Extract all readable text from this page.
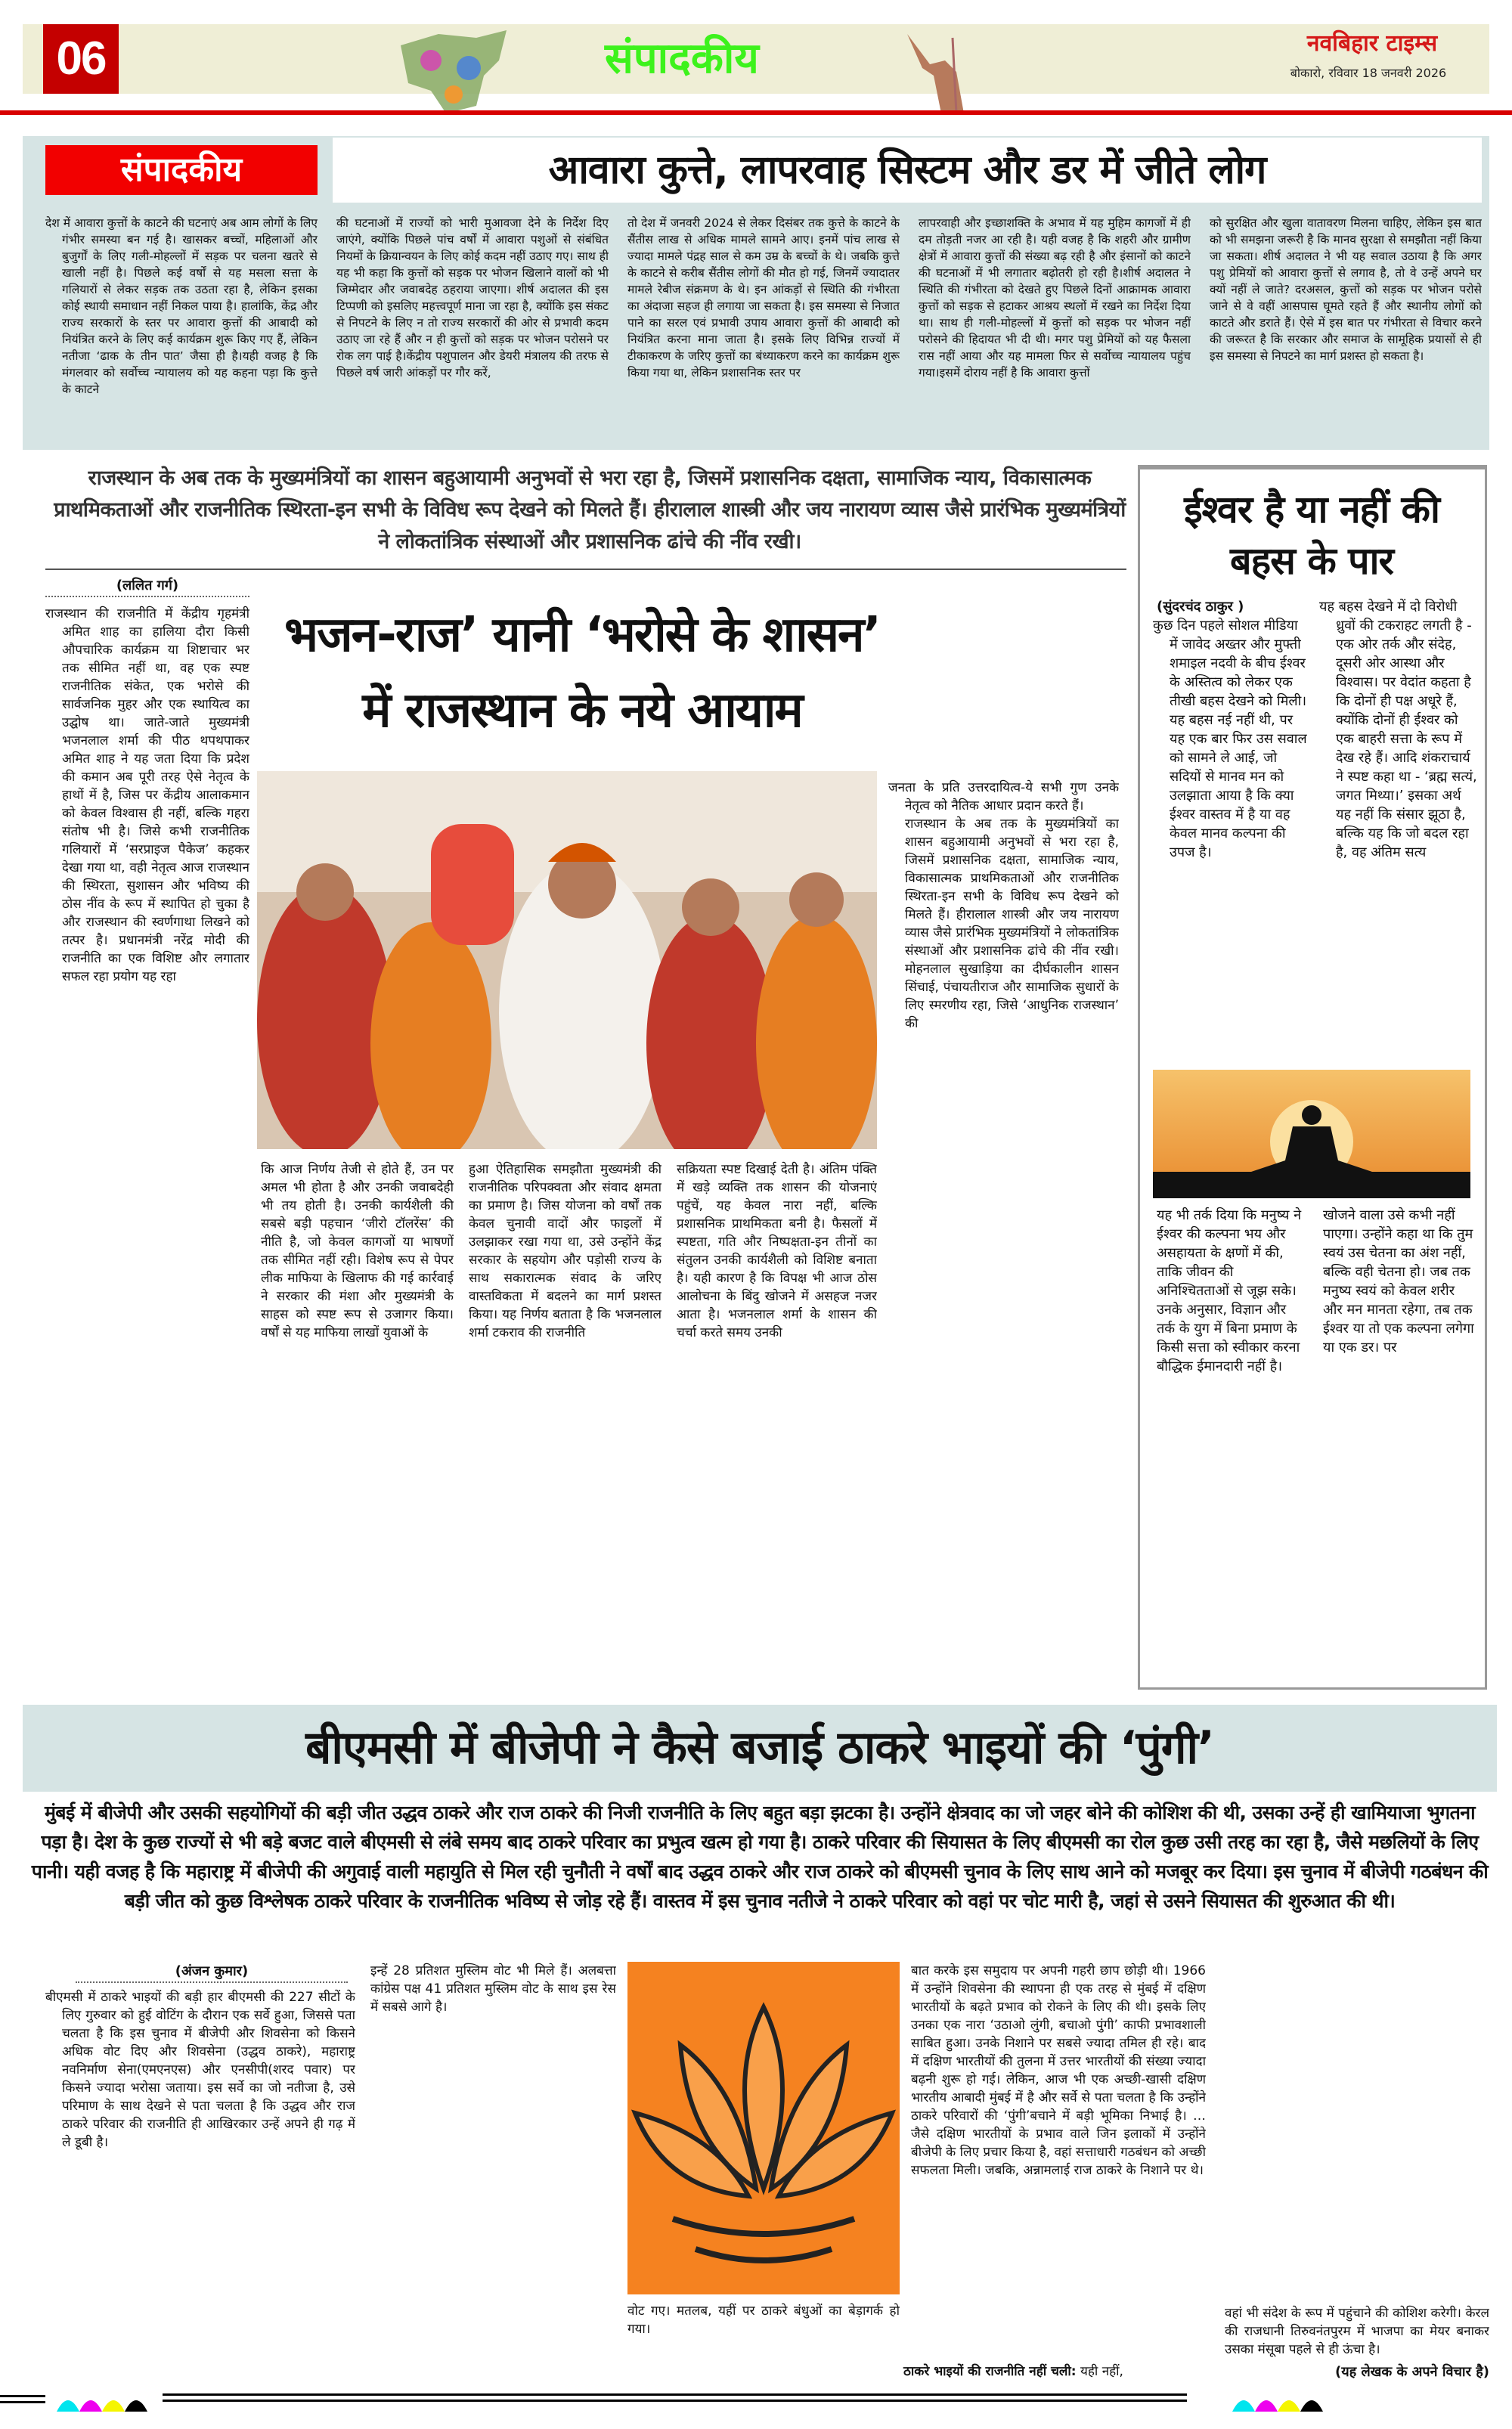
06	संपादकीय	नवबिहार टाइम्स
बोकारो, रविवार 18 जनवरी 2026
संपादकीय	आवारा कुत्ते, लापरवाह सिस्टम और डर में जीते लोग

देश में आवारा कुत्तों के काटने की घटनाएं अब आम लोगों के लिए गंभीर समस्या बन गई है। खासकर बच्चों, महिलाओं और बुजुर्गों के लिए गली-मोहल्लों में सड़क पर चलना खतरे से खाली नहीं है। पिछले कई वर्षों से यह मसला सत्ता के गलियारों से लेकर सड़क तक उठता रहा है, लेकिन इसका कोई स्थायी समाधान नहीं निकल पाया है। हालांकि, केंद्र और राज्य सरकारों के स्तर पर आवारा कुत्तों की आबादी को नियंत्रित करने के लिए कई कार्यक्रम शुरू किए गए हैं, लेकिन नतीजा ‘ढाक के तीन पात’ जैसा ही है।यही वजह है कि मंगलवार को सर्वोच्च न्यायालय को यह कहना पड़ा कि कुत्ते के काटने

की घटनाओं में राज्यों को भारी मुआवजा देने के निर्देश दिए जाएंगे, क्योंकि पिछले पांच वर्षों में आवारा पशुओं से संबंधित नियमों के क्रियान्वयन के लिए कोई कदम नहीं उठाए गए। साथ ही यह भी कहा कि कुत्तों को सड़क पर भोजन खिलाने वालों को भी जिम्मेदार और जवाबदेह ठहराया जाएगा। शीर्ष अदालत की इस टिप्पणी को इसलिए महत्त्वपूर्ण माना जा रहा है, क्योंकि इस संकट से निपटने के लिए न तो राज्य सरकारों की ओर से प्रभावी कदम उठाए जा रहे हैं और न ही कुत्तों को सड़क पर भोजन परोसने पर रोक लग पाई है।केंद्रीय पशुपालन और डेयरी मंत्रालय की तरफ से पिछले वर्ष जारी आंकड़ों पर गौर करें,

तो देश में जनवरी 2024 से लेकर दिसंबर तक कुत्ते के काटने के सैंतीस लाख से अधिक मामले सामने आए। इनमें पांच लाख से ज्यादा मामले पंद्रह साल से कम उम्र के बच्चों के थे। जबकि कुत्ते के काटने से करीब सैंतीस लोगों की मौत हो गई, जिनमें ज्यादातर मामले रेबीज संक्रमण के थे। इन आंकड़ों से स्थिति की गंभीरता का अंदाजा सहज ही लगाया जा सकता है। इस समस्या से निजात पाने का सरल एवं प्रभावी उपाय आवारा कुत्तों की आबादी को नियंत्रित करना माना जाता है। इसके लिए विभिन्न राज्यों में टीकाकरण के जरिए कुत्तों का बंध्याकरण करने का कार्यक्रम शुरू किया गया था, लेकिन प्रशासनिक स्तर पर

लापरवाही और इच्छाशक्ति के अभाव में यह मुहिम कागजों में ही दम तोड़ती नजर आ रही है। यही वजह है कि शहरी और ग्रामीण क्षेत्रों में आवारा कुत्तों की संख्या बढ़ रही है और इंसानों को काटने की घटनाओं में भी लगातार बढ़ोतरी हो रही है।शीर्ष अदालत ने स्थिति की गंभीरता को देखते हुए पिछले दिनों आक्रामक आवारा कुत्तों को सड़क से हटाकर आश्रय स्थलों में रखने का निर्देश दिया था। साथ ही गली-मोहल्लों में कुत्तों को सड़क पर भोजन नहीं परोसने की हिदायत भी दी थी। मगर पशु प्रेमियों को यह फैसला रास नहीं आया और यह मामला फिर से सर्वोच्च न्यायालय पहुंच गया।इसमें दोराय नहीं है कि आवारा कुत्तों

को सुरक्षित और खुला वातावरण मिलना चाहिए, लेकिन इस बात को भी समझना जरूरी है कि मानव सुरक्षा से समझौता नहीं किया जा सकता। शीर्ष अदालत ने भी यह सवाल उठाया है कि अगर पशु प्रेमियों को आवारा कुत्तों से लगाव है, तो वे उन्हें अपने घर क्यों नहीं ले जाते? दरअसल, कुत्तों को सड़क पर भोजन परोसे जाने से वे वहीं आसपास घूमते रहते हैं और स्थानीय लोगों को काटते और डराते हैं। ऐसे में इस बात पर गंभीरता से विचार करने की जरूरत है कि सरकार और समाज के सामूहिक प्रयासों से ही इस समस्या से निपटने का मार्ग प्रशस्त हो सकता है।

राजस्थान के अब तक के मुख्यमंत्रियों का शासन बहुआयामी अनुभवों से भरा रहा है, जिसमें प्रशासनिक दक्षता, सामाजिक न्याय, विकासात्मक प्राथमिकताओं और राजनीतिक स्थिरता-इन सभी के विविध रूप देखने को मिलते हैं। हीरालाल शास्त्री और जय नारायण व्यास जैसे प्रारंभिक मुख्यमंत्रियों ने लोकतांत्रिक संस्थाओं और प्रशासनिक ढांचे की नींव रखी।
(ललित गर्ग)

राजस्थान की राजनीति में केंद्रीय गृहमंत्री अमित शाह का हालिया दौरा किसी औपचारिक कार्यक्रम या शिष्टाचार भर तक सीमित नहीं था, वह एक स्पष्ट राजनीतिक संकेत, एक भरोसे की सार्वजनिक मुहर और एक स्थायित्व का उद्घोष था। जाते-जाते मुख्यमंत्री भजनलाल शर्मा की पीठ थपथपाकर अमित शाह ने यह जता दिया कि प्रदेश की कमान अब पूरी तरह ऐसे नेतृत्व के हाथों में है, जिस पर केंद्रीय आलाकमान को केवल विश्वास ही नहीं, बल्कि गहरा संतोष भी है। जिसे कभी राजनीतिक गलियारों में ‘सरप्राइज पैकेज’ कहकर देखा गया था, वही नेतृत्व आज राजस्थान की स्थिरता, सुशासन और भविष्य की ठोस नींव के रूप में स्थापित हो चुका है और राजस्थान की स्वर्णगाथा लिखने को तत्पर है। प्रधानमंत्री नरेंद्र मोदी की राजनीति का एक विशिष्ट और लगातार सफल रहा प्रयोग यह रहा

भजन-राज’ यानी ‘भरोसे के शासन’
में राजस्थान के नये आयाम

कि आज निर्णय तेजी से होते हैं, उन पर अमल भी होता है और उनकी जवाबदेही भी तय होती है। उनकी कार्यशैली की सबसे बड़ी पहचान ‘जीरो टॉलरेंस’ की नीति है, जो केवल कागजों या भाषणों तक सीमित नहीं रही। विशेष रूप से पेपर लीक माफिया के खिलाफ की गई कार्रवाई ने सरकार की मंशा और मुख्यमंत्री के साहस को स्पष्ट रूप से उजागर किया। वर्षों से यह माफिया लाखों युवाओं के

हुआ ऐतिहासिक समझौता मुख्यमंत्री की राजनीतिक परिपक्वता और संवाद क्षमता का प्रमाण है। जिस योजना को वर्षों तक केवल चुनावी वादों और फाइलों में उलझाकर रखा गया था, उसे उन्होंने केंद्र सरकार के सहयोग और पड़ोसी राज्य के साथ सकारात्मक संवाद के जरिए वास्तविकता में बदलने का मार्ग प्रशस्त किया। यह निर्णय बताता है कि भजनलाल शर्मा टकराव की राजनीति

सक्रियता स्पष्ट दिखाई देती है। अंतिम पंक्ति में खड़े व्यक्ति तक शासन की योजनाएं पहुंचें, यह केवल नारा नहीं, बल्कि प्रशासनिक प्राथमिकता बनी है। फैसलों में स्पष्टता, गति और निष्पक्षता-इन तीनों का संतुलन उनकी कार्यशैली को विशिष्ट बनाता है। यही कारण है कि विपक्ष भी आज ठोस आलोचना के बिंदु खोजने में असहज नजर आता है। भजनलाल शर्मा के शासन की चर्चा करते समय उनकी

जनता के प्रति उत्तरदायित्व-ये सभी गुण उनके नेतृत्व को नैतिक आधार प्रदान करते हैं।
राजस्थान के अब तक के मुख्यमंत्रियों का शासन बहुआयामी अनुभवों से भरा रहा है, जिसमें प्रशासनिक दक्षता, सामाजिक न्याय, विकासात्मक प्राथमिकताओं और राजनीतिक स्थिरता-इन सभी के विविध रूप देखने को मिलते हैं। हीरालाल शास्त्री और जय नारायण व्यास जैसे प्रारंभिक मुख्यमंत्रियों ने लोकतांत्रिक संस्थाओं और प्रशासनिक ढांचे की नींव रखी। मोहनलाल सुखाड़िया का दीर्घकालीन शासन सिंचाई, पंचायतीराज और सामाजिक सुधारों के लिए स्मरणीय रहा, जिसे ‘आधुनिक राजस्थान’ की

ईश्वर है या नहीं की बहस के पार
(सुंदरचंद ठाकुर )

कुछ दिन पहले सोशल मीडिया में जावेद अख्तर और मुफ्ती शमाइल नदवी के बीच ईश्वर के अस्तित्व को लेकर एक तीखी बहस देखने को मिली। यह बहस नई नहीं थी, पर यह एक बार फिर उस सवाल को सामने ले आई, जो सदियों से मानव मन को उलझाता आया है कि क्या ईश्वर वास्तव में है या वह केवल मानव कल्पना की उपज है।

यह बहस देखने में दो विरोधी ध्रुवों की टकराहट लगती है - एक ओर तर्क और संदेह, दूसरी ओर आस्था और विश्वास। पर वेदांत कहता है कि दोनों ही पक्ष अधूरे हैं, क्योंकि दोनों ही ईश्वर को एक बाहरी सत्ता के रूप में देख रहे हैं। आदि शंकराचार्य ने स्पष्ट कहा था - ‘ब्रह्म सत्यं, जगत मिथ्या।’ इसका अर्थ यह नहीं कि संसार झूठा है, बल्कि यह कि जो बदल रहा है, वह अंतिम सत्य

यह भी तर्क दिया कि मनुष्य ने ईश्वर की कल्पना भय और असहायता के क्षणों में की, ताकि जीवन की अनिश्चितताओं से जूझ सके। उनके अनुसार, विज्ञान और तर्क के युग में बिना प्रमाण के किसी सत्ता को स्वीकार करना बौद्धिक ईमानदारी नहीं है।

खोजने वाला उसे कभी नहीं पाएगा। उन्होंने कहा था कि तुम स्वयं उस चेतना का अंश नहीं, बल्कि वही चेतना हो। जब तक मनुष्य स्वयं को केवल शरीर और मन मानता रहेगा, तब तक ईश्वर या तो एक कल्पना लगेगा या एक डर। पर

बीएमसी में बीजेपी ने कैसे बजाई ठाकरे भाइयों की ‘पुंगी’
मुंबई में बीजेपी और उसकी सहयोगियों की बड़ी जीत उद्धव ठाकरे और राज ठाकरे की निजी राजनीति के लिए बहुत बड़ा झटका है। उन्होंने क्षेत्रवाद का जो जहर बोने की कोशिश की थी, उसका उन्हें ही खामियाजा भुगतना पड़ा है। देश के कुछ राज्यों से भी बड़े बजट वाले बीएमसी से लंबे समय बाद ठाकरे परिवार का प्रभुत्व खत्म हो गया है। ठाकरे परिवार की सियासत के लिए बीएमसी का रोल कुछ उसी तरह का रहा है, जैसे मछलियों के लिए पानी। यही वजह है कि महाराष्ट्र में बीजेपी की अगुवाई वाली महायुति से मिल रही चुनौती ने वर्षों बाद उद्धव ठाकरे और राज ठाकरे को बीएमसी चुनाव के लिए साथ आने को मजबूर कर दिया। इस चुनाव में बीजेपी गठबंधन की बड़ी जीत को कुछ विश्लेषक ठाकरे परिवार के राजनीतिक भविष्य से जोड़ रहे हैं। वास्तव में इस चुनाव नतीजे ने ठाकरे परिवार को वहां पर चोट मारी है, जहां से उसने सियासत की शुरुआत की थी।
(अंजन कुमार)

बीएमसी में ठाकरे भाइयों की बड़ी हार बीएमसी की 227 सीटों के लिए गुरुवार को हुई वोटिंग के दौरान एक सर्वे हुआ, जिससे पता चलता है कि इस चुनाव में बीजेपी और शिवसेना को किसने अधिक वोट दिए और शिवसेना (उद्धव ठाकरे), महाराष्ट्र नवनिर्माण सेना(एमएनएस) और एनसीपी(शरद पवार) पर किसने ज्यादा भरोसा जताया। इस सर्वे का जो नतीजा है, उसे परिमाण के साथ देखने से पता चलता है कि उद्धव और राज ठाकरे परिवार की राजनीति ही आखिरकार उन्हें अपने ही गढ़ में ले डूबी है।

इन्हें 28 प्रतिशत मुस्लिम वोट भी मिले हैं। अलबत्ता कांग्रेस पक्ष 41 प्रतिशत मुस्लिम वोट के साथ इस रेस में सबसे आगे है।

वोट गए। मतलब, यहीं पर ठाकरे बंधुओं का बेड़ागर्क हो गया।

बात करके इस समुदाय पर अपनी गहरी छाप छोड़ी थी। 1966 में उन्होंने शिवसेना की स्थापना ही एक तरह से मुंबई में दक्षिण भारतीयों के बढ़ते प्रभाव को रोकने के लिए की थी। इसके लिए उनका एक नारा ‘उठाओ लुंगी, बचाओ पुंगी’ काफी प्रभावशाली साबित हुआ। उनके निशाने पर सबसे ज्यादा तमिल ही रहे। बाद में दक्षिण भारतीयों की तुलना में उत्तर भारतीयों की संख्या ज्यादा बढ़नी शुरू हो गई। लेकिन, आज भी एक अच्छी-खासी दक्षिण भारतीय आबादी मुंबई में है और सर्वे से पता चलता है कि उन्होंने ठाकरे परिवारों की ‘पुंगी’बचाने में बड़ी भूमिका निभाई है। … जैसे दक्षिण भारतीयों के प्रभाव वाले जिन इलाकों में उन्होंने बीजेपी के लिए प्रचार किया है, वहां सत्ताधारी गठबंधन को अच्छी सफलता मिली। जबकि, अन्नामलाई राज ठाकरे के निशाने पर थे।

ठाकरे भाइयों की राजनीति नहीं चली: यही नहीं,

वहां भी संदेश के रूप में पहुंचाने की कोशिश करेगी। केरल की राजधानी तिरुवनंतपुरम में भाजपा का मेयर बनाकर उसका मंसूबा पहले से ही ऊंचा है।

(यह लेखक के अपने विचार है)
